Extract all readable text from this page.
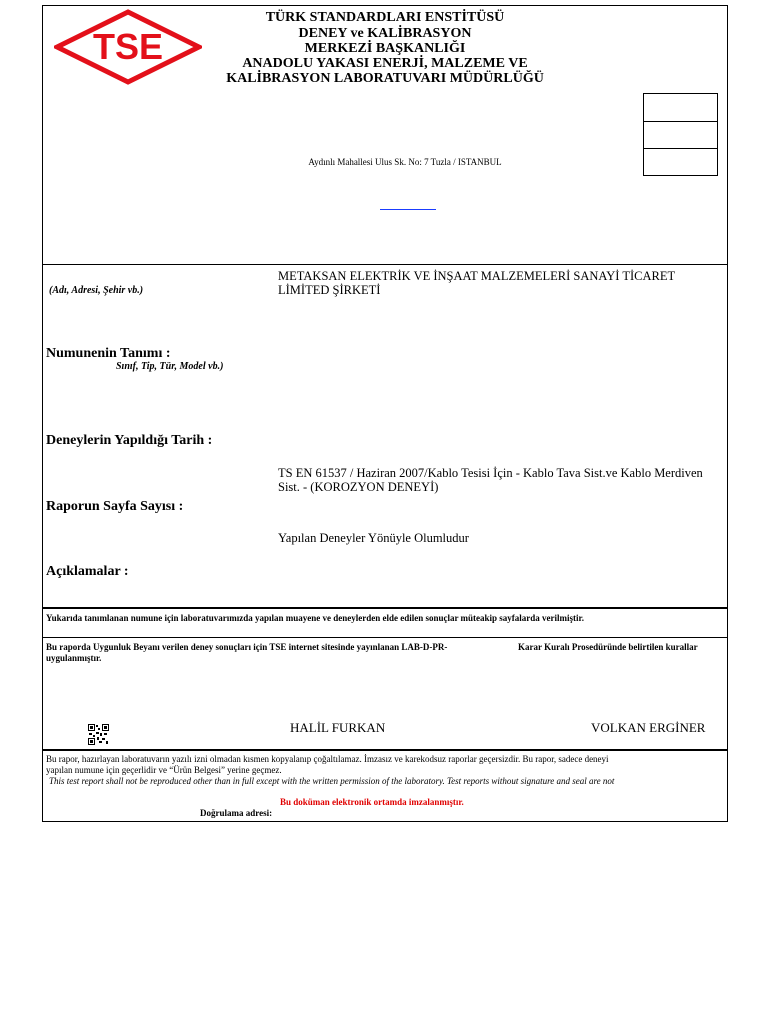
TSE
TÜRK STANDARDLARI ENSTİTÜSÜ
DENEY ve KALİBRASYON
MERKEZİ BAŞKANLIĞI
ANADOLU YAKASI ENERJİ, MALZEME VE
KALİBRASYON LABORATUVARI MÜDÜRLÜĞÜ
Aydınlı Mahallesi Ulus Sk. No: 7 Tuzla / ISTANBUL
(Adı, Adresi, Şehir vb.)
METAKSAN ELEKTRİK VE İNŞAAT MALZEMELERİ SANAYİ TİCARET
LİMİTED ŞİRKETİ
Numunenin Tanımı :
Sınıf, Tip, Tür, Model vb.)
Deneylerin Yapıldığı Tarih :
TS EN 61537 / Haziran 2007/Kablo Tesisi İçin - Kablo Tava Sist.ve Kablo Merdiven
Sist. - (KOROZYON DENEYİ)
Raporun Sayfa Sayısı :
Yapılan Deneyler Yönüyle Olumludur
Açıklamalar :
Yukarıda tanımlanan numune için laboratuvarımızda yapılan muayene ve deneylerden elde edilen sonuçlar müteakip sayfalarda verilmiştir.
Bu raporda Uygunluk Beyanı verilen deney sonuçları için TSE internet sitesinde yayınlanan LAB-D-PR-	Karar Kuralı Prosedüründe belirtilen kurallar
uygulanmıştır.
HALİL FURKAN	VOLKAN ERGİNER
Bu rapor, hazırlayan laboratuvarın yazılı izni olmadan kısmen kopyalanıp çoğaltılamaz. İmzasız ve karekodsuz raporlar geçersizdir. Bu rapor, sadece deneyi
yapılan numune için geçerlidir ve “Ürün Belgesi” yerine geçmez.
This test report shall not be reproduced other than in full except with the written permission of the laboratory. Test reports without signature and seal are not
Bu doküman elektronik ortamda imzalanmıştır.
Doğrulama adresi:
